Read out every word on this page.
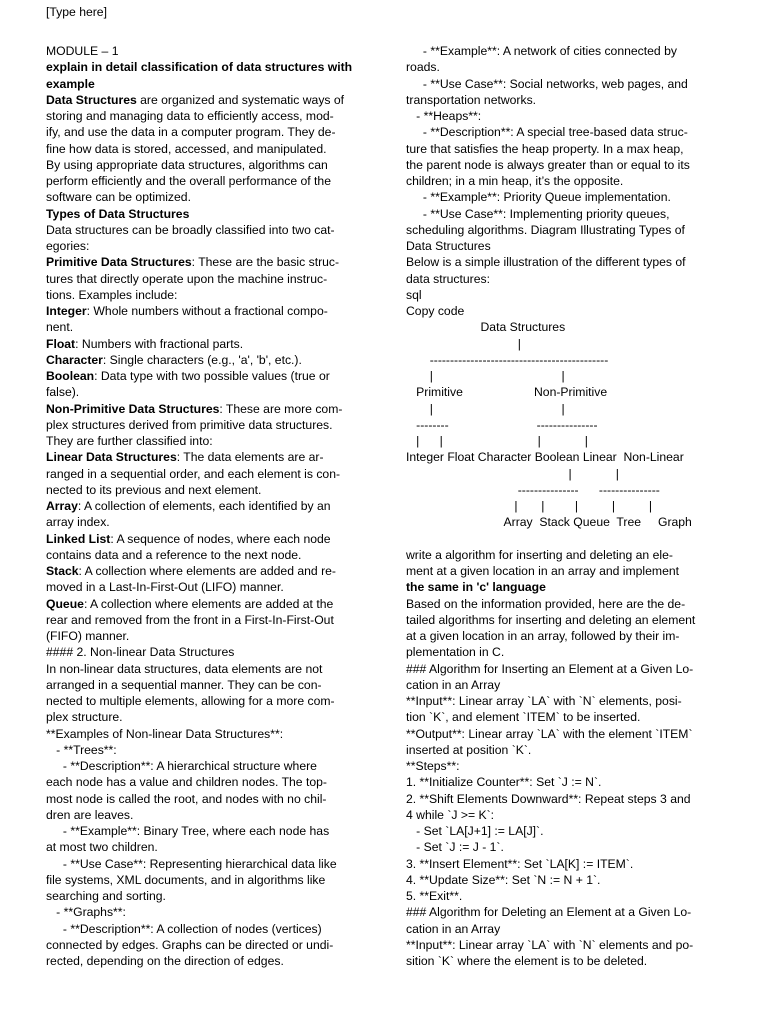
[Type here]

MODULE – 1

explain in detail classification of data structures with

example

Data Structures are organized and systematic ways of

storing and managing data to efficiently access, mod-

ify, and use the data in a computer program. They de-

fine how data is stored, accessed, and manipulated.

By using appropriate data structures, algorithms can

perform efficiently and the overall performance of the

software can be optimized.

Types of Data Structures

Data structures can be broadly classified into two cat-

egories:

Primitive Data Structures: These are the basic struc-

tures that directly operate upon the machine instruc-

tions. Examples include:

Integer: Whole numbers without a fractional compo-

nent.

Float: Numbers with fractional parts.

Character: Single characters (e.g., 'a', 'b', etc.).

Boolean: Data type with two possible values (true or

false).

Non-Primitive Data Structures: These are more com-

plex structures derived from primitive data structures.

They are further classified into:

Linear Data Structures: The data elements are ar-

ranged in a sequential order, and each element is con-

nected to its previous and next element.

Array: A collection of elements, each identified by an

array index.

Linked List: A sequence of nodes, where each node

contains data and a reference to the next node.

Stack: A collection where elements are added and re-

moved in a Last-In-First-Out (LIFO) manner.

Queue: A collection where elements are added at the

rear and removed from the front in a First-In-First-Out

(FIFO) manner.

#### 2. Non-linear Data Structures

In non-linear data structures, data elements are not

arranged in a sequential manner. They can be con-

nected to multiple elements, allowing for a more com-

plex structure.

**Examples of Non-linear Data Structures**:

- **Trees**:

- **Description**: A hierarchical structure where

each node has a value and children nodes. The top-

most node is called the root, and nodes with no chil-

dren are leaves.

- **Example**: Binary Tree, where each node has

at most two children.

- **Use Case**: Representing hierarchical data like

file systems, XML documents, and in algorithms like

searching and sorting.

- **Graphs**:

- **Description**: A collection of nodes (vertices)

connected by edges. Graphs can be directed or undi-

rected, depending on the direction of edges.

- **Example**: A network of cities connected by

roads.

- **Use Case**: Social networks, web pages, and

transportation networks.

- **Heaps**:

- **Description**: A special tree-based data struc-

ture that satisfies the heap property. In a max heap,

the parent node is always greater than or equal to its

children; in a min heap, it’s the opposite.

- **Example**: Priority Queue implementation.

- **Use Case**: Implementing priority queues,

scheduling algorithms. Diagram Illustrating Types of

Data Structures

Below is a simple illustration of the different types of

data structures:

sql

Copy code

Data Structures

|

--------------------------------------------

|                                      |

Primitive                     Non-Primitive

|                                      |

--------                          ---------------

|      |                            |             |

Integer Float Character Boolean Linear  Non-Linear

|             |

---------------      ---------------

|       |         |          |          |

Array  Stack Queue  Tree     Graph

write a algorithm for inserting and deleting an ele-

ment at a given location in an array and implement

the same in 'c' language

Based on the information provided, here are the de-

tailed algorithms for inserting and deleting an element

at a given location in an array, followed by their im-

plementation in C.

### Algorithm for Inserting an Element at a Given Lo-

cation in an Array

**Input**: Linear array `LA` with `N` elements, posi-

tion `K`, and element `ITEM` to be inserted.

**Output**: Linear array `LA` with the element `ITEM`

inserted at position `K`.

**Steps**:

1. **Initialize Counter**: Set `J := N`.

2. **Shift Elements Downward**: Repeat steps 3 and

4 while `J >= K`:

- Set `LA[J+1] := LA[J]`.

- Set `J := J - 1`.

3. **Insert Element**: Set `LA[K] := ITEM`.

4. **Update Size**: Set `N := N + 1`.

5. **Exit**.

### Algorithm for Deleting an Element at a Given Lo-

cation in an Array

**Input**: Linear array `LA` with `N` elements and po-

sition `K` where the element is to be deleted.
